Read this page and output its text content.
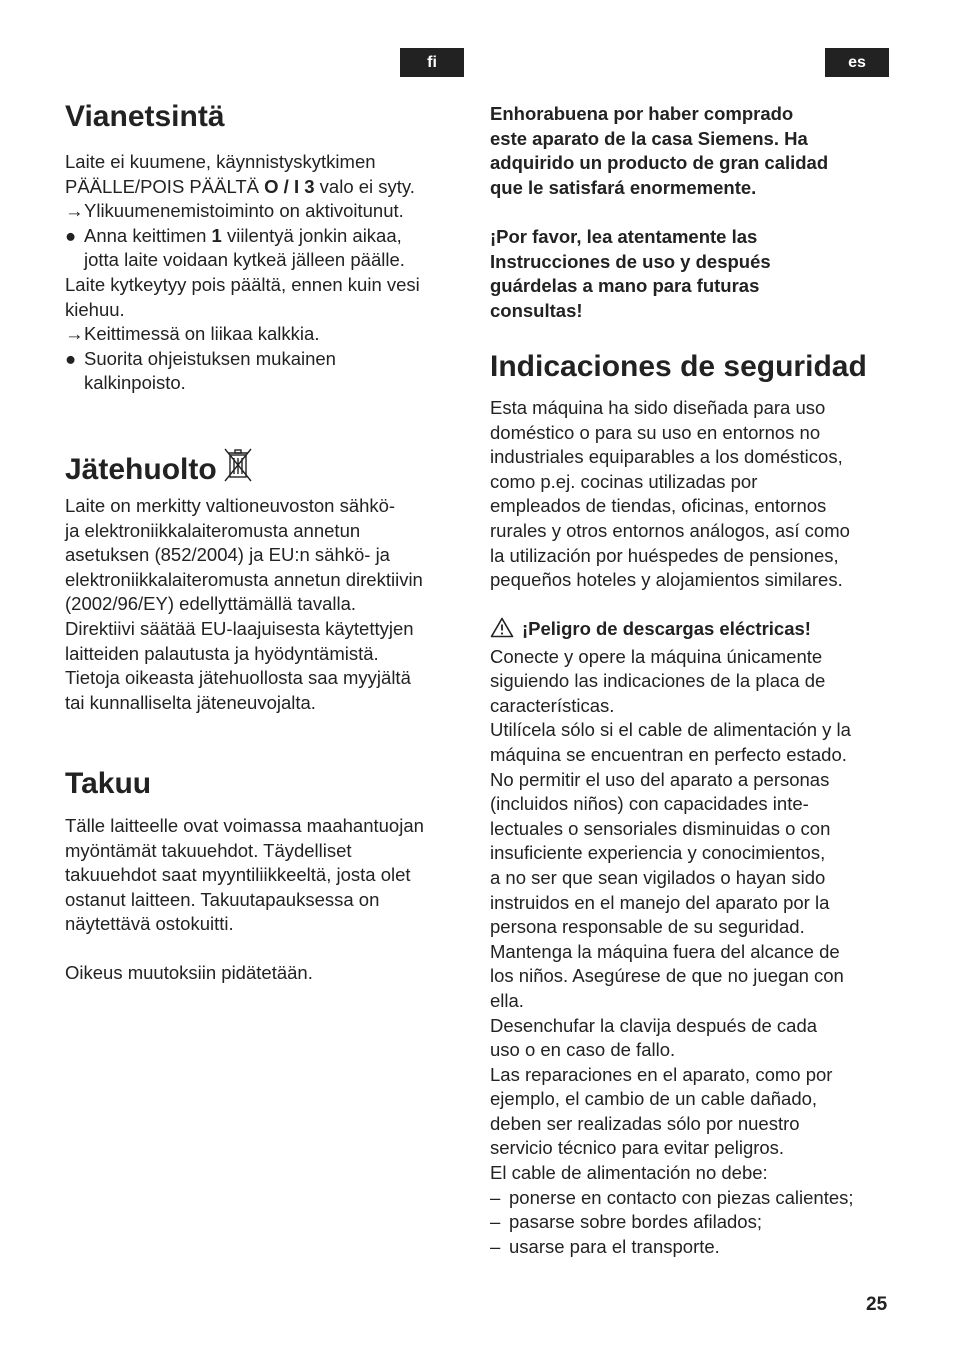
fi	es
Vianetsintä
Laite ei kuumene, käynnistyskytkimen
PÄÄLLE/POIS PÄÄLTÄ O / I 3 valo ei syty.
→Ylikuumenemistoiminto on aktivoitunut.
● Anna keittimen 1 viilentyä jonkin aikaa,
jotta laite voidaan kytkeä jälleen päälle.
Laite kytkeytyy pois päältä, ennen kuin vesi
kiehuu.
→Keittimessä on liikaa kalkkia.
● Suorita ohjeistuksen mukainen
kalkinpoisto.
Jätehuolto
Laite on merkitty valtioneuvoston sähkö-
ja elektroniikkalaiteromusta annetun
asetuksen (852/2004) ja EU:n sähkö- ja
elektroniikkalaiteromusta annetun direktiivin
(2002/96/EY) edellyttämällä tavalla.
Direktiivi säätää EU-laajuisesta käytettyjen
laitteiden palautusta ja hyödyntämistä.
Tietoja oikeasta jätehuollosta saa myyjältä
tai kunnalliselta jäteneuvojalta.
Takuu
Tälle laitteelle ovat voimassa maahantuojan
myöntämät takuuehdot. Täydelliset
takuuehdot saat myyntiliikkeeltä, josta olet
ostanut laitteen. Takuutapauksessa on
näytettävä ostokuitti.

Oikeus muutoksiin pidätetään.

Enhorabuena por haber comprado
este aparato de la casa Siemens. Ha
adquirido un producto de gran calidad
que le satisfará enormemente.
¡Por favor, lea atentamente las
Instrucciones de uso y después
guárdelas a mano para futuras
consultas!
Indicaciones de seguridad
Esta máquina ha sido diseñada para uso
doméstico o para su uso en entornos no
industriales equiparables a los domésticos,
como p.ej. cocinas utilizadas por
empleados de tiendas, oficinas, entornos
rurales y otros entornos análogos, así como
la utilización por huéspedes de pensiones,
pequeños hoteles y alojamientos similares.
¡Peligro de descargas eléctricas!
Conecte y opere la máquina únicamente
siguiendo las indicaciones de la placa de
características.
Utilícela sólo si el cable de alimentación y la
máquina se encuentran en perfecto estado.
No permitir el uso del aparato a personas
(incluidos niños) con capacidades inte-
lectuales o sensoriales disminuidas o con
insuficiente experiencia y conocimientos,
a no ser que sean vigilados o hayan sido
instruidos en el manejo del aparato por la
persona responsable de su seguridad.
Mantenga la máquina fuera del alcance de
los niños. Asegúrese de que no juegan con
ella.
Desenchufar la clavija después de cada
uso o en caso de fallo.
Las reparaciones en el aparato, como por
ejemplo, el cambio de un cable dañado,
deben ser realizadas sólo por nuestro
servicio técnico para evitar peligros.
El cable de alimentación no debe:
– ponerse en contacto con piezas calientes;
– pasarse sobre bordes afilados;
– usarse para el transporte.
25
